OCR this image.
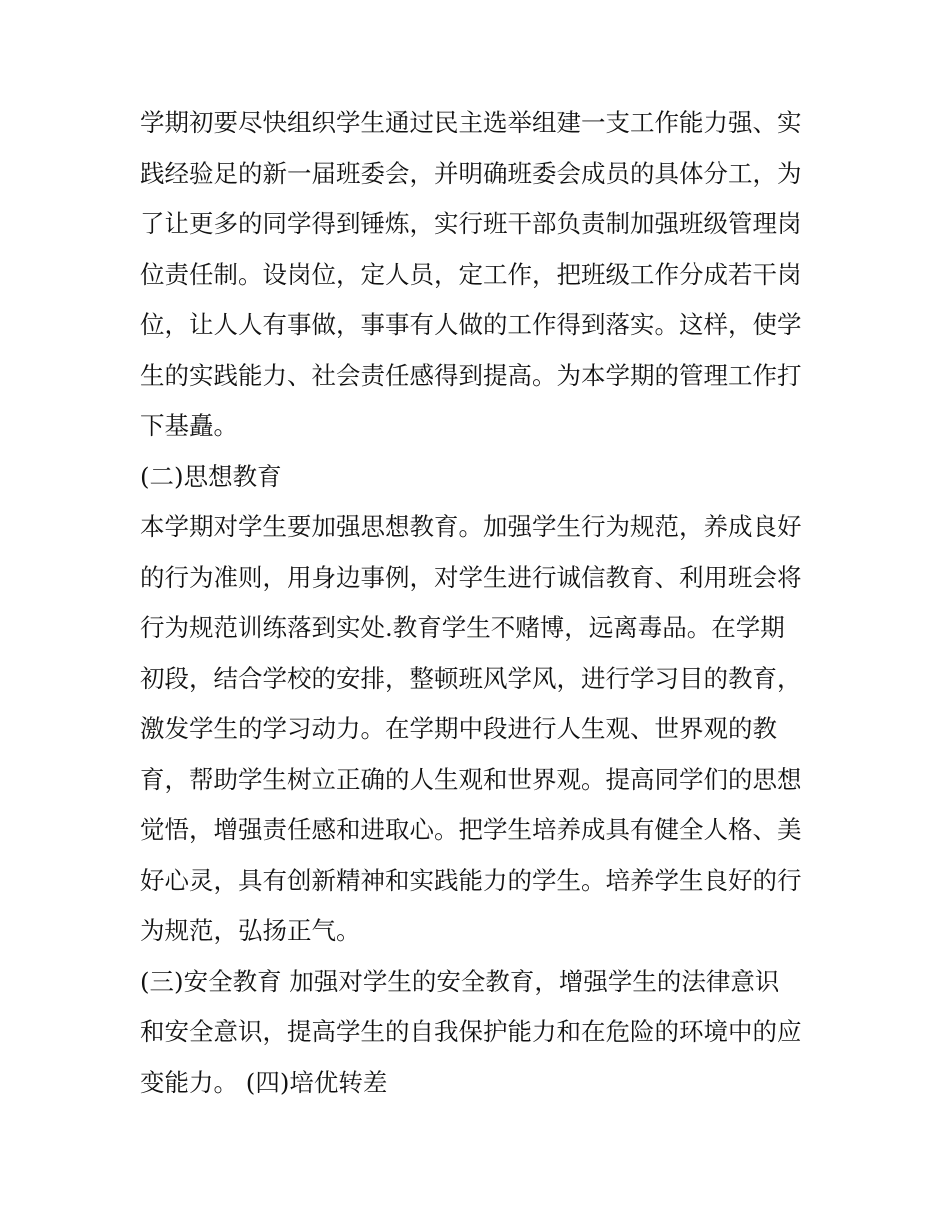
学期初要尽快组织学生通过民主选举组建一支工作能力强、实
践经验足的新一届班委会，并明确班委会成员的具体分工，为
了让更多的同学得到锤炼，实行班干部负责制加强班级管理岗
位责任制。设岗位，定人员，定工作，把班级工作分成若干岗
位，让人人有事做，事事有人做的工作得到落实。这样，使学
生的实践能力、社会责任感得到提高。为本学期的管理工作打
下基矗。
(二)思想教育
本学期对学生要加强思想教育。加强学生行为规范，养成良好
的行为准则，用身边事例，对学生进行诚信教育、利用班会将
行为规范训练落到实处.教育学生不赌博，远离毒品。在学期
初段，结合学校的安排，整顿班风学风，进行学习目的教育，
激发学生的学习动力。在学期中段进行人生观、世界观的教
育，帮助学生树立正确的人生观和世界观。提高同学们的思想
觉悟，增强责任感和进取心。把学生培养成具有健全人格、美
好心灵，具有创新精神和实践能力的学生。培养学生良好的行
为规范，弘扬正气。
(三)安全教育 加强对学生的安全教育，增强学生的法律意识
和安全意识，提高学生的自我保护能力和在危险的环境中的应
变能力。 (四)培优转差
